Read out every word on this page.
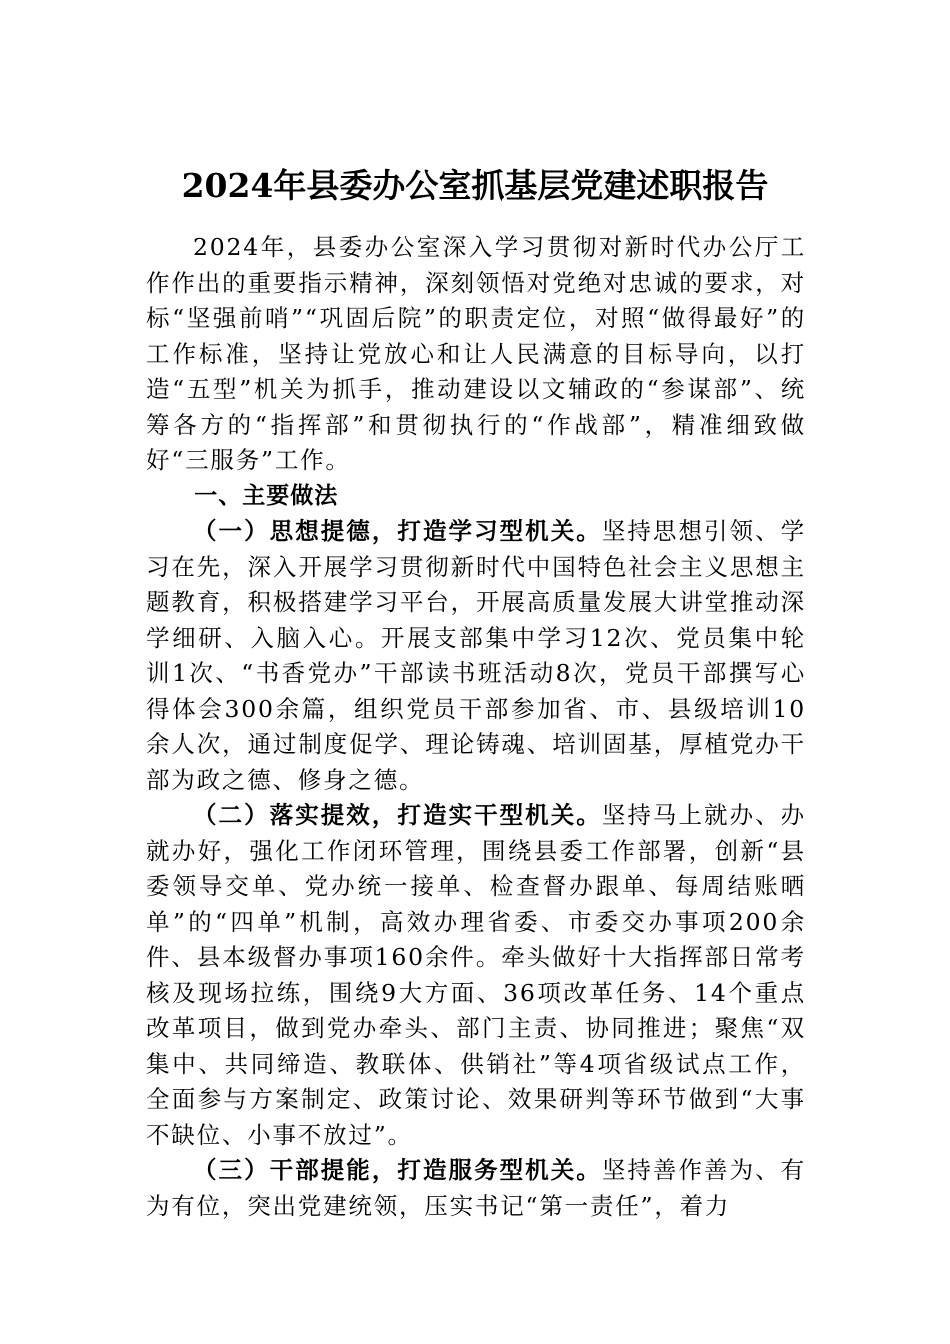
2024年县委办公室抓基层党建述职报告

2024年，县委办公室深入学习贯彻对新时代办公厅工作作出的重要指示精神，深刻领悟对党绝对忠诚的要求，对标“坚强前哨”“巩固后院”的职责定位，对照“做得最好”的工作标准，坚持让党放心和让人民满意的目标导向，以打造“五型”机关为抓手，推动建设以文辅政的“参谋部”、统筹各方的“指挥部”和贯彻执行的“作战部”，精准细致做好“三服务”工作。

一、主要做法

（一）思想提德，打造学习型机关。坚持思想引领、学习在先，深入开展学习贯彻新时代中国特色社会主义思想主题教育，积极搭建学习平台，开展高质量发展大讲堂推动深学细研、入脑入心。开展支部集中学习12次、党员集中轮训1次、“书香党办”干部读书班活动8次，党员干部撰写心得体会300余篇，组织党员干部参加省、市、县级培训10余人次，通过制度促学、理论铸魂、培训固基，厚植党办干部为政之德、修身之德。

（二）落实提效，打造实干型机关。坚持马上就办、办就办好，强化工作闭环管理，围绕县委工作部署，创新“县委领导交单、党办统一接单、检查督办跟单、每周结账晒单”的“四单”机制，高效办理省委、市委交办事项200余件、县本级督办事项160余件。牵头做好十大指挥部日常考核及现场拉练，围绕9大方面、36项改革任务、14个重点改革项目，做到党办牵头、部门主责、协同推进；聚焦“双集中、共同缔造、教联体、供销社”等4项省级试点工作，全面参与方案制定、政策讨论、效果研判等环节做到“大事不缺位、小事不放过”。

（三）干部提能，打造服务型机关。坚持善作善为、有为有位，突出党建统领，压实书记“第一责任”，着力
